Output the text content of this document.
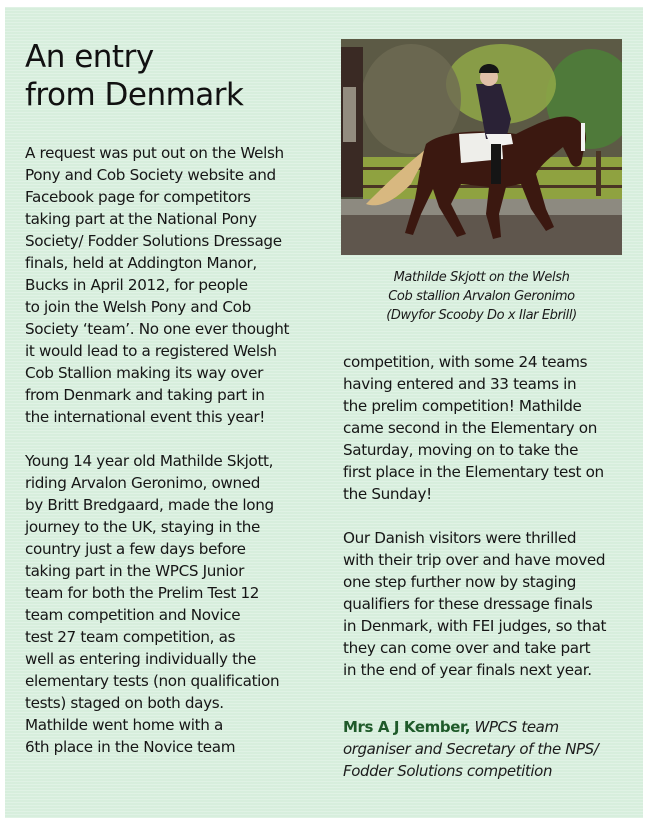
An entry
from Denmark
A request was put out on the Welsh
Pony and Cob Society website and
Facebook page for competitors
taking part at the National Pony
Society/ Fodder Solutions Dressage
finals, held at Addington Manor,
Bucks in April 2012, for people
to join the Welsh Pony and Cob
Society ‘team’. No one ever thought
it would lead to a registered Welsh
Cob Stallion making its way over
from Denmark and taking part in
the international event this year!
Young 14 year old Mathilde Skjott,
riding Arvalon Geronimo, owned
by Britt Bredgaard, made the long
journey to the UK, staying in the
country just a few days before
taking part in the WPCS Junior
team for both the Prelim Test 12
team competition and Novice
test 27 team competition, as
well as entering individually the
elementary tests (non qualification
tests) staged on both days.
Mathilde went home with a
6th place in the Novice team
Mathilde Skjott on the Welsh
Cob stallion Arvalon Geronimo
(Dwyfor Scooby Do x Ilar Ebrill)
competition, with some 24 teams
having entered and 33 teams in
the prelim competition! Mathilde
came second in the Elementary on
Saturday, moving on to take the
first place in the Elementary test on
the Sunday!
Our Danish visitors were thrilled
with their trip over and have moved
one step further now by staging
qualifiers for these dressage finals
in Denmark, with FEI judges, so that
they can come over and take part
in the end of year finals next year.
Mrs A J Kember, WPCS team
organiser and Secretary of the NPS/
Fodder Solutions competition
